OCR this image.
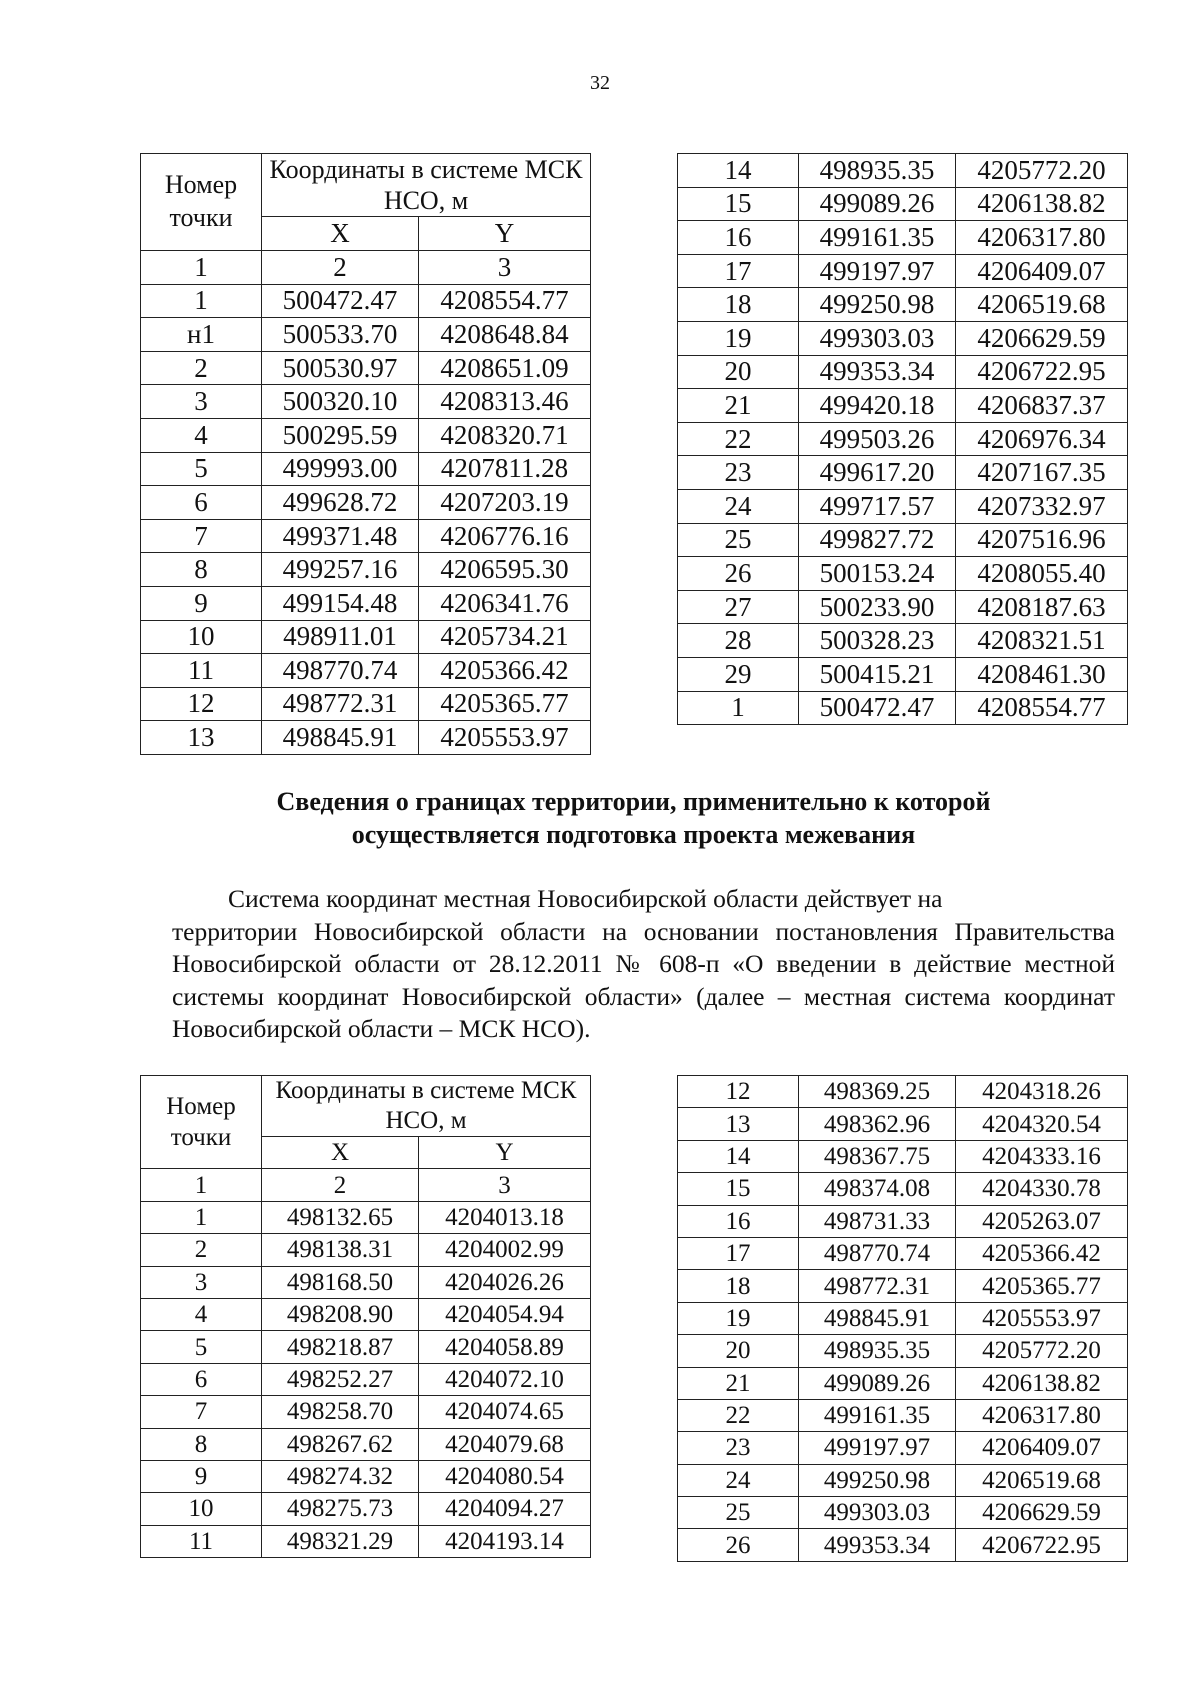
32
Номер точки	Координаты в системе МСК НСО, м	

	X	Y
1	2	3
1	500472.47	4208554.77
н1	500533.70	4208648.84
2	500530.97	4208651.09
3	500320.10	4208313.46
4	500295.59	4208320.71
5	499993.00	4207811.28
6	499628.72	4207203.19
7	499371.48	4206776.16
8	499257.16	4206595.30
9	499154.48	4206341.76
10	498911.01	4205734.21
11	498770.74	4205366.42
12	498772.31	4205365.77
13	498845.91	4205553.97
14	498935.35	4205772.20
15	499089.26	4206138.82
16	499161.35	4206317.80
17	499197.97	4206409.07
18	499250.98	4206519.68
19	499303.03	4206629.59
20	499353.34	4206722.95
21	499420.18	4206837.37
22	499503.26	4206976.34
23	499617.20	4207167.35
24	499717.57	4207332.97
25	499827.72	4207516.96
26	500153.24	4208055.40
27	500233.90	4208187.63
28	500328.23	4208321.51
29	500415.21	4208461.30
1	500472.47	4208554.77
Сведения о границах территории, применительно к которой
осуществляется подготовка проекта межевания
Система координат местная Новосибирской области действует на
территории Новосибирской области на основании постановления Правительства Новосибирской области от 28.12.2011 № 608-п «О введении в действие местной системы координат Новосибирской области» (далее – местная система координат Новосибирской области – МСК НСО).
Номер точки	Координаты в системе МСК НСО, м	

	X	Y
1	2	3
1	498132.65	4204013.18
2	498138.31	4204002.99
3	498168.50	4204026.26
4	498208.90	4204054.94
5	498218.87	4204058.89
6	498252.27	4204072.10
7	498258.70	4204074.65
8	498267.62	4204079.68
9	498274.32	4204080.54
10	498275.73	4204094.27
11	498321.29	4204193.14
12	498369.25	4204318.26
13	498362.96	4204320.54
14	498367.75	4204333.16
15	498374.08	4204330.78
16	498731.33	4205263.07
17	498770.74	4205366.42
18	498772.31	4205365.77
19	498845.91	4205553.97
20	498935.35	4205772.20
21	499089.26	4206138.82
22	499161.35	4206317.80
23	499197.97	4206409.07
24	499250.98	4206519.68
25	499303.03	4206629.59
26	499353.34	4206722.95
